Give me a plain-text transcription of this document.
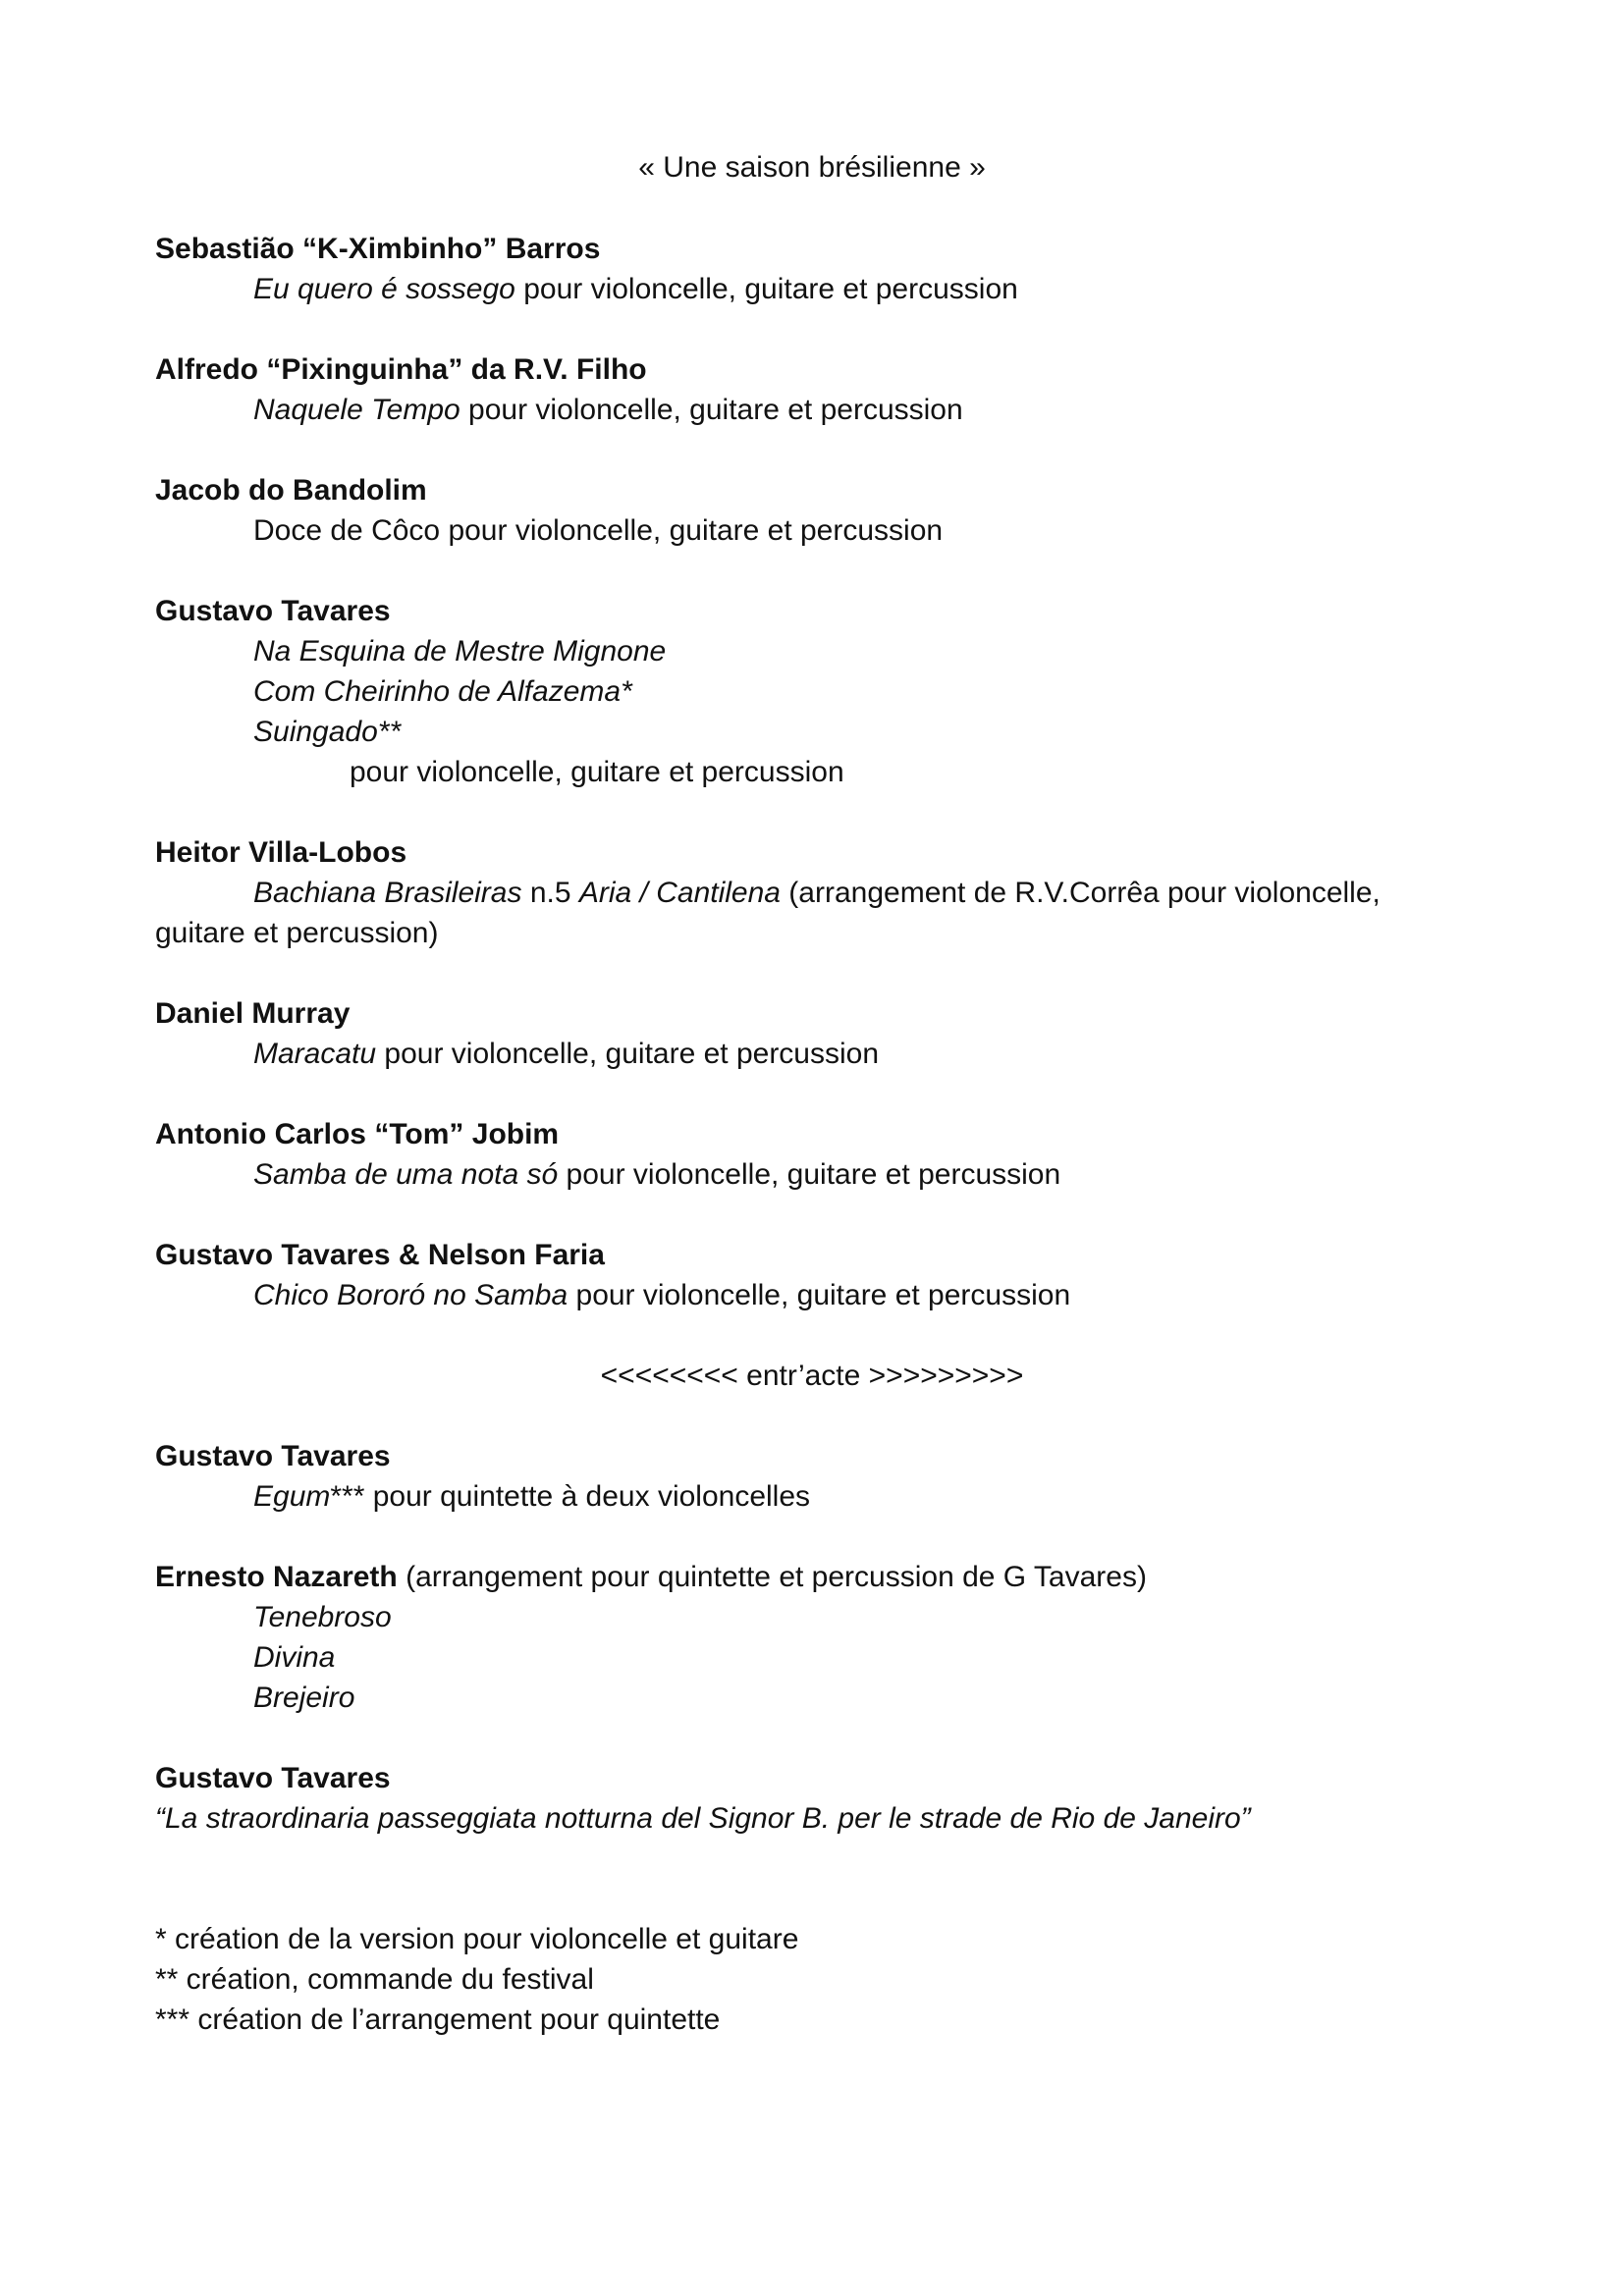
« Une saison brésilienne »
Sebastião “K-Ximbinho” Barros
Eu quero é sossego pour violoncelle, guitare et percussion
Alfredo “Pixinguinha” da R.V. Filho
Naquele Tempo pour violoncelle, guitare et percussion
Jacob do Bandolim
Doce de Côco pour violoncelle, guitare et percussion
Gustavo Tavares
Na Esquina de Mestre Mignone
Com Cheirinho de Alfazema*
Suingado**
pour violoncelle, guitare et percussion
Heitor Villa-Lobos
Bachiana Brasileiras n.5 Aria / Cantilena (arrangement de R.V.Corrêa pour violoncelle,
guitare et percussion)
Daniel Murray
Maracatu pour violoncelle, guitare et percussion
Antonio Carlos “Tom” Jobim
Samba de uma nota só pour violoncelle, guitare et percussion
Gustavo Tavares & Nelson Faria
Chico Bororó no Samba pour violoncelle, guitare et percussion
<<<<<<<< entr’acte >>>>>>>>>
Gustavo Tavares
Egum*** pour quintette à deux violoncelles
Ernesto Nazareth (arrangement pour quintette et percussion de G Tavares)
Tenebroso
Divina
Brejeiro
Gustavo Tavares
“La straordinaria passeggiata notturna del Signor B. per le strade de Rio de Janeiro”
* création de la version pour violoncelle et guitare
** création, commande du festival
*** création de l’arrangement pour quintette
